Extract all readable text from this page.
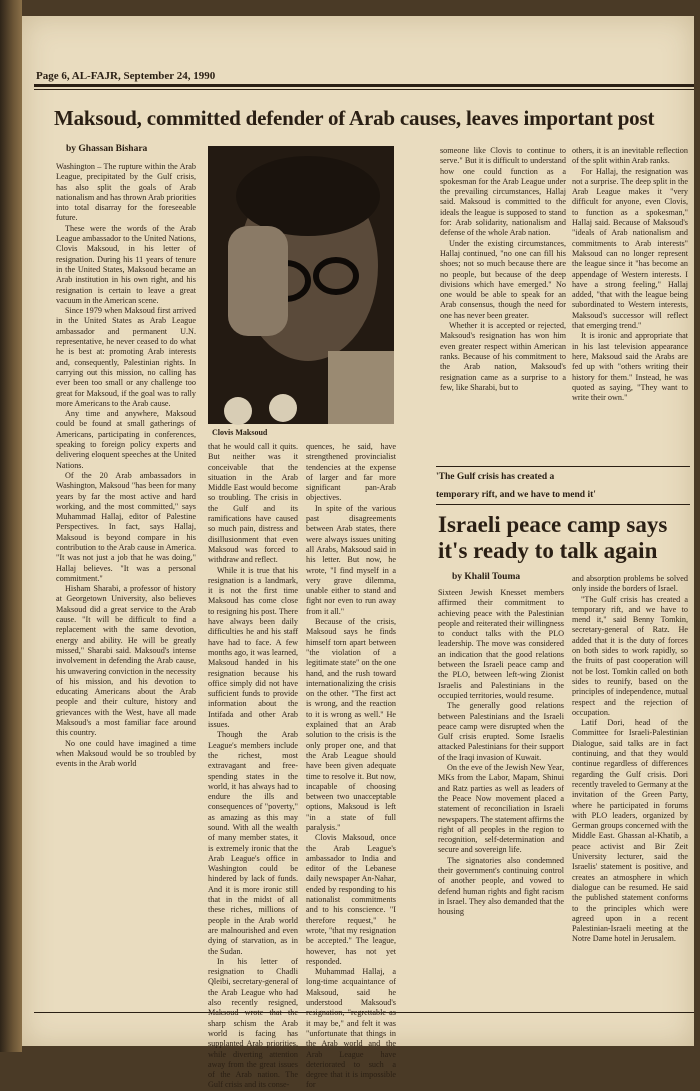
Page 6, AL-FAJR, September 24, 1990
Maksoud, committed defender of Arab causes, leaves important post
by Ghassan Bishara

Washington – The rupture within the Arab League, precipitated by the Gulf crisis, has also split the goals of Arab nationalism and has thrown Arab priorities into total disarray for the foreseeable future.

These were the words of the Arab League ambassador to the United Nations, Clovis Maksoud, in his letter of resignation. During his 11 years of tenure in the United States, Maksoud became an Arab institution in his own right, and his resignation is certain to leave a great vacuum in the American scene.

Since 1979 when Maksoud first arrived in the United States as Arab League ambassador and permanent U.N. representative, he never ceased to do what he is best at: promoting Arab interests and, consequently, Palestinian rights. In carrying out this mission, no calling has ever been too small or any challenge too great for Maksoud, if the goal was to rally more Americans to the Arab cause.

Any time and anywhere, Maksoud could be found at small gatherings of Americans, participating in conferences, speaking to foreign policy experts and delivering eloquent speeches at the United Nations.

Of the 20 Arab ambassadors in Washington, Maksoud "has been for many years by far the most active and hard working, and the most committed," says Muhammad Hallaj, editor of Palestine Perspectives. In fact, says Hallaj, Maksoud is beyond compare in his contribution to the Arab cause in America. "It was not just a job that he was doing," Hallaj believes. "It was a personal commitment."

Hisham Sharabi, a professor of history at Georgetown University, also believes Maksoud did a great service to the Arab cause. "It will be difficult to find a replacement with the same devotion, energy and ability. He will be greatly missed," Sharabi said. Maksoud's intense involvement in defending the Arab cause, his unwavering conviction in the necessity of his mission, and his devotion to educating Americans about the Arab people and their culture, history and grievances with the West, have all made Maksoud's a most familiar face around this country.

No one could have imagined a time when Maksoud would be so troubled by events in the Arab world

Clovis Maksoud

that he would call it quits. But neither was it conceivable that the situation in the Arab Middle East would become so troubling. The crisis in the Gulf and its ramifications have caused so much pain, distress and disillusionment that even Maksoud was forced to withdraw and reflect.

While it is true that his resignation is a landmark, it is not the first time Maksoud has come close to resigning his post. There have always been daily difficulties he and his staff have had to face. A few months ago, it was learned, Maksoud handed in his resignation because his office simply did not have sufficient funds to provide information about the Intifada and other Arab issues.

Though the Arab League's members include the richest, most extravagant and free-spending states in the world, it has always had to endure the ills and consequences of "poverty," as amazing as this may sound. With all the wealth of many member states, it is extremely ironic that the Arab League's office in Washington could be hindered by lack of funds. And it is more ironic still that in the midst of all these riches, millions of people in the Arab world are malnourished and even dying of starvation, as in the Sudan.

In his letter of resignation to Chadli Qleibi, secretary-general of the Arab League who had also recently resigned, sharp schism the Arab world is facing has supplanted Arab priorities, while diverting attention away from the great issues of the Arab nation. The Gulf crisis and its conse-

quences, he said, have strengthened provincialist tendencies at the expense of larger and far more significant pan-Arab objectives.

In spite of the various past disagreements between Arab states, there were always issues uniting all Arabs, Maksoud said in his letter. But now, he wrote, "I find myself in a very grave dilemma, unable either to stand and fight nor even to run away from it all."

Because of the crisis, Maksoud says he finds himself torn apart between "the violation of a legitimate state" on the one hand, and the rush toward internationalizing the crisis on the other. "The first act is wrong, and the reaction to it is wrong as well." He explained that an Arab solution to the crisis is the only proper one, and that the Arab League should have been given adequate time to resolve it. But now, incapable of choosing between two unacceptable options, Maksoud is left "in a state of full paralysis."

Clovis Maksoud, once the Arab League's ambassador to India and editor of the Lebanese daily newspaper An-Nahar, ended by responding to his nationalist commitments and to his conscience. "I therefore request," he wrote, "that my resignation be accepted." The league, however, has not yet responded.

Muhammad Hallaj, a long-time acquaintance of Maksoud, said he understood Maksoud's it may be," and felt it was "unfortunate that things in the Arab world and the Arab League have deteriorated to such a degree that it is impossible for

someone like Clovis to continue to serve." But it is difficult to understand how one could function as a spokesman for the Arab League under the prevailing circumstances, Hallaj said. Maksoud is committed to the ideals the league is supposed to stand for: Arab solidarity, nationalism and defense of the whole Arab nation.

Under the existing circumstances, Hallaj continued, "no one can fill his shoes; not so much because there are no people, but because of the deep divisions which have emerged." No one would be able to speak for an Arab consensus, though the need for one has never been greater.

Whether it is accepted or rejected, Maksoud's resignation has won him even greater respect within American ranks. Because of his commitment to the Arab nation, Maksoud's resignation came as a surprise to a few, like Sharabi, but to

others, it is an inevitable reflection of the split within Arab ranks.

For Hallaj, the resignation was not a surprise. The deep split in the Arab League makes it "very difficult for anyone, even Clovis, to function as a spokesman," Hallaj said. Because of Maksoud's "ideals of Arab nationalism and commitments to Arab interests" Maksoud can no longer represent the league since it "has become an appendage of Western interests. I have a strong feeling," Hallaj added, "that with the league being subordinated to Western interests, Maksoud's successor will reflect that emerging trend."

It is ironic and appropriate that in his last television appearance here, Maksoud said the Arabs are fed up with "others writing their history for them." Instead, he was quoted as saying, "They want to write their own."

'The Gulf crisis has created a
temporary rift, and we have to mend it'
Israeli peace camp says it's ready to talk again
by Khalil Touma

Sixteen Jewish Knesset members affirmed their commitment to achieving peace with the Palestinian people and reiterated their willingness to conduct talks with the PLO leadership. The move was considered an indication that the good relations between the Israeli peace camp and the PLO, between left-wing Zionist Israelis and Palestinians in the occupied territories, would resume.

The generally good relations between Palestinians and the Israeli peace camp were disrupted when the Gulf crisis erupted. Some Israelis attacked Palestinians for their support of the Iraqi invasion of Kuwait.

On the eve of the Jewish New Year, MKs from the Labor, Mapam, Shinui and Ratz parties as well as leaders of the Peace Now movement placed a statement of reconciliation in Israeli newspapers. The statement affirms the right of all peoples in the region to recognition, self-determination and secure and sovereign life.

The signatories also condemned their government's continuing control of another people, and vowed to defend human rights and fight racism in Israel. They also demanded that the housing

and absorption problems be solved only inside the borders of Israel.

"The Gulf crisis has created a temporary rift, and we have to mend it," said Benny Tomkin, secretary-general of Ratz. He added that it is the duty of forces on both sides to work rapidly, so the fruits of past cooperation will not be lost. Tomkin called on both sides to reunify, based on the principles of independence, mutual respect and the rejection of occupation.

Latif Dori, head of the Committee for Israeli-Palestinian Dialogue, said talks are in fact continuing, and that they would continue regardless of differences regarding the Gulf crisis. Dori recently traveled to Germany at the invitation of the Green Party, where he participated in forums with PLO leaders, organized by German groups concerned with the Middle East. Ghassan al-Khatib, a peace activist and Bir Zeit University lecturer, said the Israelis' statement is positive, and creates an atmosphere in which dialogue can be resumed. He said the published statement conforms to the principles which were agreed upon in a recent Palestinian-Israeli meeting at the Notre Dame hotel in Jerusalem.
